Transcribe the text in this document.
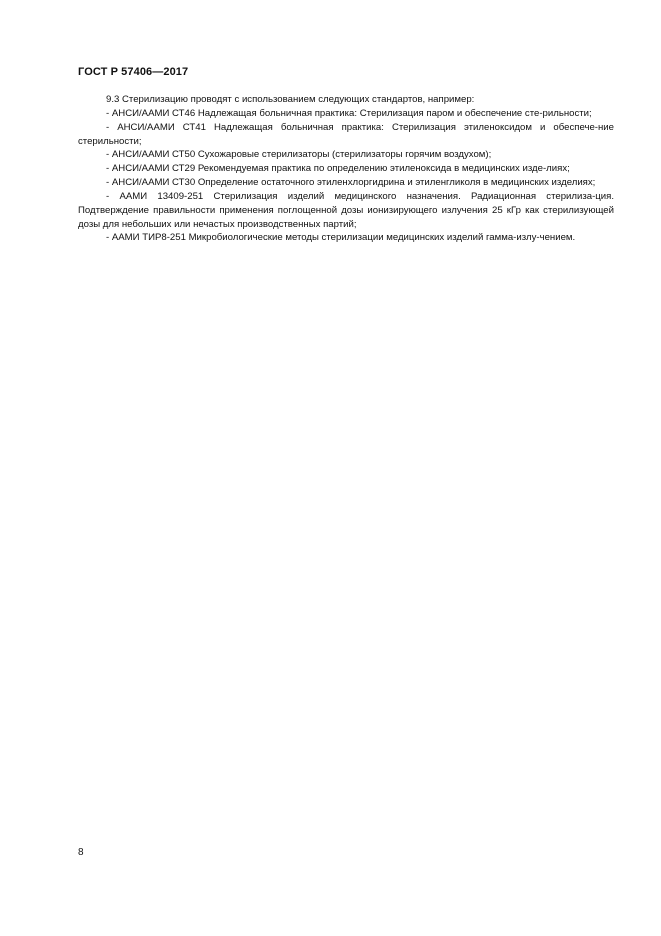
ГОСТ Р 57406—2017

9.3 Стерилизацию проводят с использованием следующих стандартов, например:

- АНСИ/ААМИ СТ46 Надлежащая больничная практика: Стерилизация паром и обеспечение сте-рильности;

- АНСИ/ААМИ СТ41 Надлежащая больничная практика: Стерилизация этиленоксидом и обеспече-ние стерильности;

- АНСИ/ААМИ СТ50 Сухожаровые стерилизаторы (стерилизаторы горячим воздухом);

- АНСИ/ААМИ СТ29 Рекомендуемая практика по определению этиленоксида в медицинских изде-лиях;

- АНСИ/ААМИ СТ30 Определение остаточного этиленхлоргидрина и этиленгликоля в медицинских изделиях;

- ААМИ 13409-251 Стерилизация изделий медицинского назначения. Радиационная стерилиза-ция. Подтверждение правильности применения поглощенной дозы ионизирующего излучения 25 кГр как стерилизующей дозы для небольших или нечастых производственных партий;

- ААМИ ТИР8-251 Микробиологические методы стерилизации медицинских изделий гамма-излу-чением.

8
